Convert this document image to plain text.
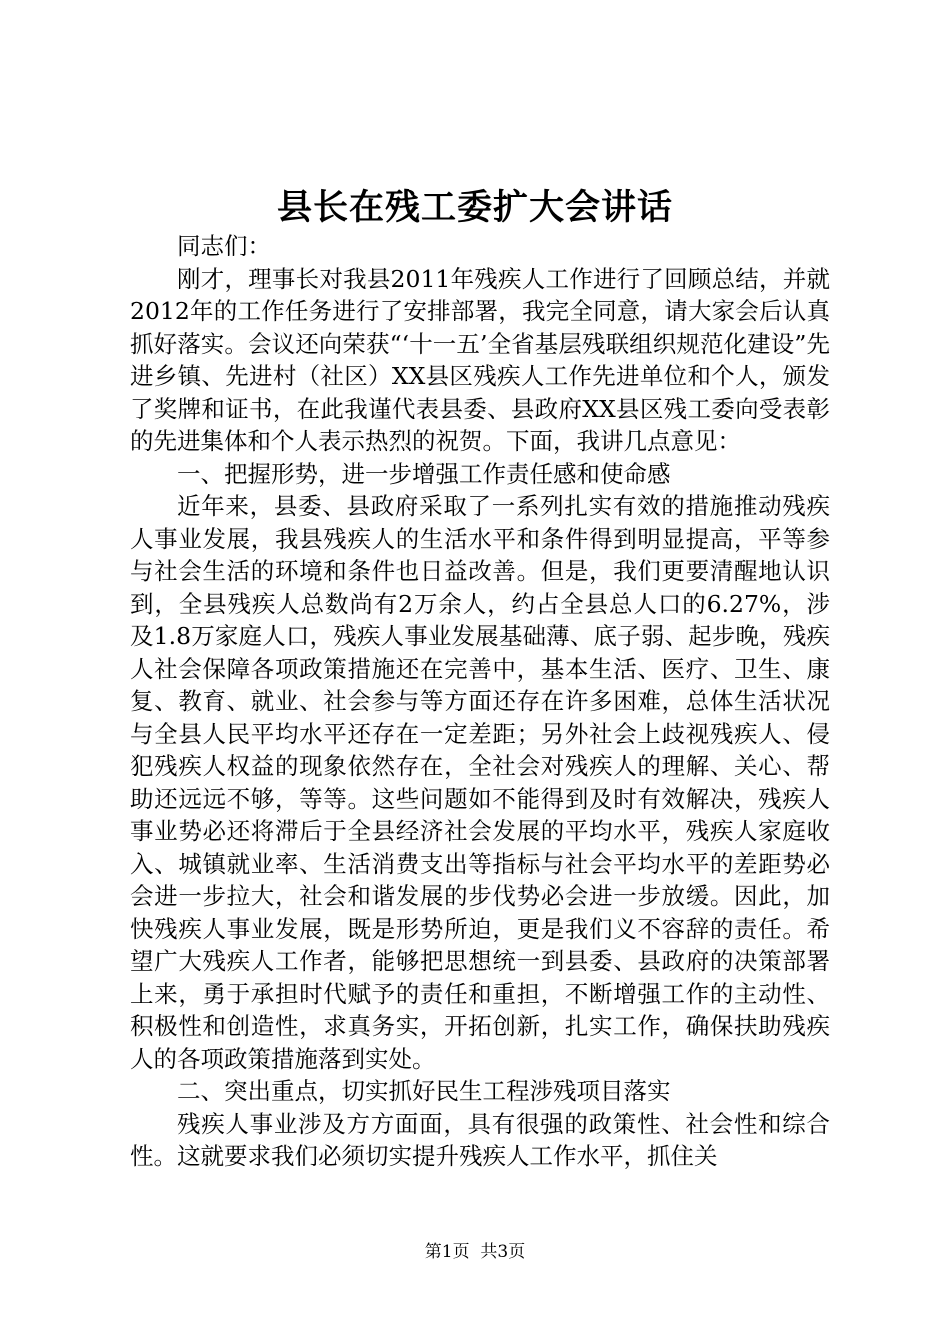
县长在残工委扩大会讲话

同志们：

刚才，理事长对我县2011年残疾人工作进行了回顾总结，并就2012年的工作任务进行了安排部署，我完全同意，请大家会后认真抓好落实。会议还向荣获“‘十一五’全省基层残联组织规范化建设”先进乡镇、先进村（社区）XX县区残疾人工作先进单位和个人，颁发了奖牌和证书，在此我谨代表县委、县政府XX县区残工委向受表彰的先进集体和个人表示热烈的祝贺。下面，我讲几点意见：

一、把握形势，进一步增强工作责任感和使命感

近年来，县委、县政府采取了一系列扎实有效的措施推动残疾人事业发展，我县残疾人的生活水平和条件得到明显提高，平等参与社会生活的环境和条件也日益改善。但是，我们更要清醒地认识到，全县残疾人总数尚有2万余人，约占全县总人口的6.27%，涉及1.8万家庭人口，残疾人事业发展基础薄、底子弱、起步晚，残疾人社会保障各项政策措施还在完善中，基本生活、医疗、卫生、康复、教育、就业、社会参与等方面还存在许多困难，总体生活状况与全县人民平均水平还存在一定差距；另外社会上歧视残疾人、侵犯残疾人权益的现象依然存在，全社会对残疾人的理解、关心、帮助还远远不够，等等。这些问题如不能得到及时有效解决，残疾人事业势必还将滞后于全县经济社会发展的平均水平，残疾人家庭收入、城镇就业率、生活消费支出等指标与社会平均水平的差距势必会进一步拉大，社会和谐发展的步伐势必会进一步放缓。因此，加快残疾人事业发展，既是形势所迫，更是我们义不容辞的责任。希望广大残疾人工作者，能够把思想统一到县委、县政府的决策部署上来，勇于承担时代赋予的责任和重担，不断增强工作的主动性、积极性和创造性，求真务实，开拓创新，扎实工作，确保扶助残疾人的各项政策措施落到实处。

二、突出重点，切实抓好民生工程涉残项目落实

残疾人事业涉及方方面面，具有很强的政策性、社会性和综合性。这就要求我们必须切实提升残疾人工作水平，抓住关

第1页 共3页
